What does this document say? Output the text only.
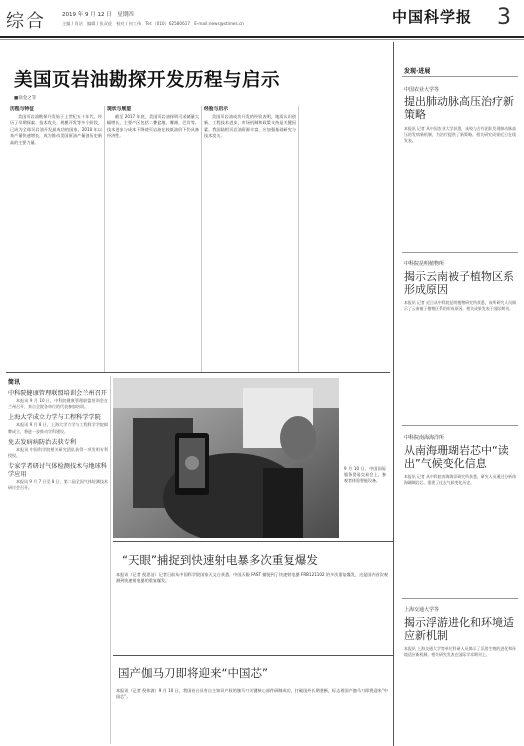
综合	2019 年 9 月 12 日　星期四
主编 / 肖洁　编辑 / 张双虎　校对 / 何工伟　Tel:（010）62580617　E-mail:news@stimes.cn	中国科学报 3
美国页岩油勘探开发历程与启示
■徐金之等
历程与特征
美国页岩油勘探开发始于上世纪五十年代，经历了早期探索、技术攻关、规模开发等多个阶段，已成为全球页岩油开发最成功的国家。2010 年以来产量快速增长，成为推动美国原油产量创历史新高的主要力量。
现状与展望
截至 2017 年底，美国页岩油探明可采储量大幅增长，主要产区包括二叠盆地、鹰滩、巴肯等。技术进步与成本下降使页岩油在较低油价下仍具备经济性。
经验与启示
美国页岩油成功开发的经验表明，地质认识创新、工程技术进步、市场机制和政策支持是关键因素。我国陆相页岩油资源丰富，应加强基础研究与技术攻关。
简讯
中科院健康管理联盟培训会兰州召开
本报讯 9 月 10 日，中科院健康管理联盟培训会在兰州召开，来自全院各单位的代表参加培训。
上海大学成立力学与工程科学学院
本报讯 9 月 8 日，上海大学力学与工程科学学院揭牌成立，将进一步推动学科建设。
免去发病病防治去获专利
本报讯 中国科学院相关研究团队获得一项发明专利授权。
专家学者研讨气体检测技术与地球科学应用
本报讯 9 月 7 日至 8 日，第二届全国气体检测技术研讨会召开。
9 月 10 日，中国国际服务贸易交易会上，参观者体验智能设备。
“天眼”捕捉到快速射电暴多次重复爆发
本报讯（记者 倪思洁）记者日前从中国科学院国家天文台获悉，中国天眼 FAST 捕捉到了快速射电暴 FRB121102 的多次重复爆发，这是国内首次观测到快速射电暴的重复爆发。
国产伽马刀即将迎来“中国芯”
本报讯（记者 倪伟波）9 月 10 日，我国首台具有自主知识产权的伽马刀关键核心部件研制成功，打破国外长期垄断，标志着国产伽马刀即将迎来“中国芯”。
发现·进展
中国农业大学等
提出肺动脉高压治疗新策略
本报讯 记者 从中国农业大学获悉，该校与合作团队发现肺动脉高压的发病新机制，为治疗提供了新策略。相关研究成果近日在线发表。
中科院昆明植物所
揭示云南被子植物区系形成原因
本报讯 记者 近日从中科院昆明植物研究所获悉，该所研究人员揭示了云南被子植物区系的形成原因，相关成果发表于国际期刊。
中科院南海海洋所
从南海珊瑚岩芯中“读出”气候变化信息
本报讯 记者 从中科院南海海洋研究所获悉，研究人员通过分析南海珊瑚岩芯，重建了过去气候变化历史。
上海交通大学等
揭示浮游进化和环境适应新机制
本报讯 上海交通大学等单位科研人员揭示了浮游生物的进化和环境适应新机制，相关研究发表在国际学术期刊上。
